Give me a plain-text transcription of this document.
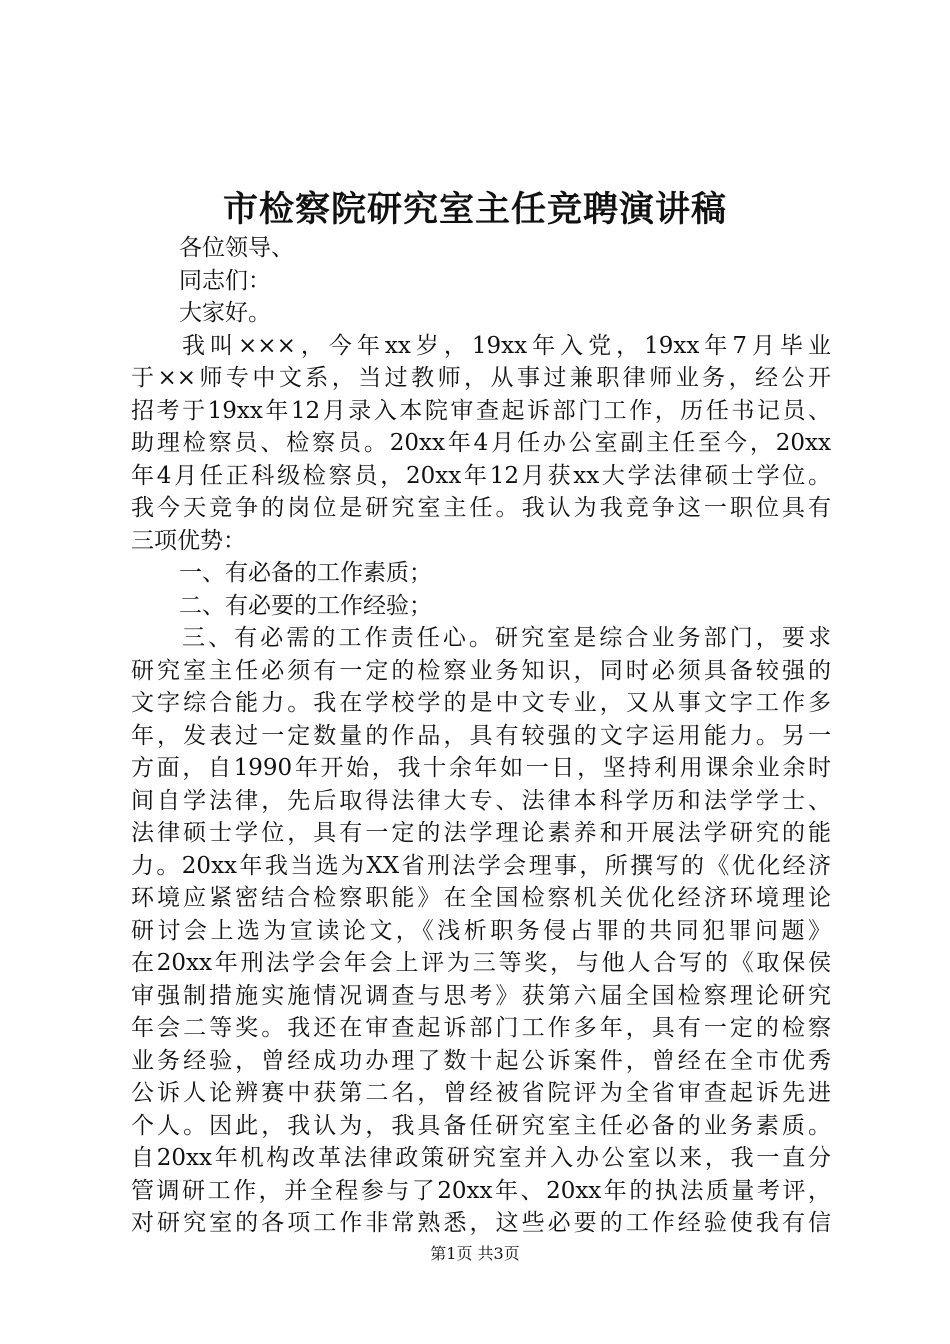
市检察院研究室主任竞聘演讲稿
各位领导、
同志们：
大家好。
我叫×××，今年xx岁，19xx年入党，19xx年7月毕业
于××师专中文系，当过教师，从事过兼职律师业务，经公开
招考于19xx年12月录入本院审查起诉部门工作，历任书记员、
助理检察员、检察员。20xx年4月任办公室副主任至今，20xx
年4月任正科级检察员，20xx年12月获xx大学法律硕士学位。
我今天竞争的岗位是研究室主任。我认为我竞争这一职位具有
三项优势：
一、有必备的工作素质；
二、有必要的工作经验；
三、有必需的工作责任心。研究室是综合业务部门，要求
研究室主任必须有一定的检察业务知识，同时必须具备较强的
文字综合能力。我在学校学的是中文专业，又从事文字工作多
年，发表过一定数量的作品，具有较强的文字运用能力。另一
方面，自1990年开始，我十余年如一日，坚持利用课余业余时
间自学法律，先后取得法律大专、法律本科学历和法学学士、
法律硕士学位，具有一定的法学理论素养和开展法学研究的能
力。20xx年我当选为XX省刑法学会理事，所撰写的《优化经济
环境应紧密结合检察职能》在全国检察机关优化经济环境理论
研讨会上选为宣读论文，《浅析职务侵占罪的共同犯罪问题》
在20xx年刑法学会年会上评为三等奖，与他人合写的《取保侯
审强制措施实施情况调查与思考》获第六届全国检察理论研究
年会二等奖。我还在审查起诉部门工作多年，具有一定的检察
业务经验，曾经成功办理了数十起公诉案件，曾经在全市优秀
公诉人论辨赛中获第二名，曾经被省院评为全省审查起诉先进
个人。因此，我认为，我具备任研究室主任必备的业务素质。
自20xx年机构改革法律政策研究室并入办公室以来，我一直分
管调研工作，并全程参与了20xx年、20xx年的执法质量考评，
对研究室的各项工作非常熟悉，这些必要的工作经验使我有信
第1页 共3页
